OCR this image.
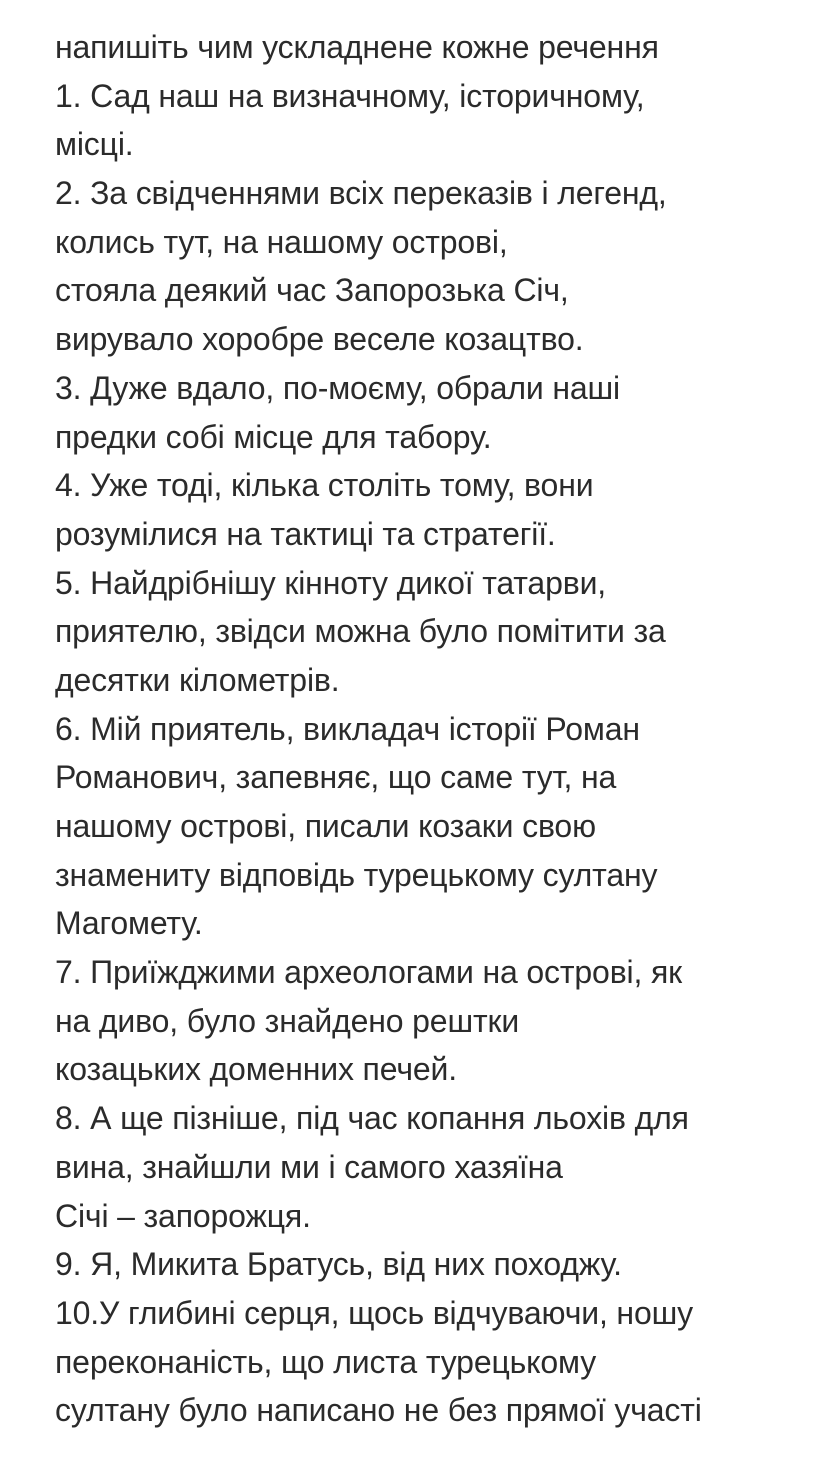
напишіть чим ускладнене кожне речення
1. Сад наш на визначному, історичному,
місці.
2. За свідченнями всіх переказів і легенд,
колись тут, на нашому острові,
стояла деякий час Запорозька Січ,
вирувало хоробре веселе козацтво.
3. Дуже вдало, по-моєму, обрали наші
предки собі місце для табору.
4. Уже тоді, кілька століть тому, вони
розумілися на тактиці та стратегії.
5. Найдрібнішу кінноту дикої татарви,
приятелю, звідси можна було помітити за
десятки кілометрів.
6. Мій приятель, викладач історії Роман
Романович, запевняє, що саме тут, на
нашому острові, писали козаки свою
знамениту відповідь турецькому султану
Магомету.
7. Приїжджими археологами на острові, як
на диво, було знайдено рештки
козацьких доменних печей.
8. А ще пізніше, під час копання льохів для
вина, знайшли ми і самого хазяїна
Січі – запорожця.
9. Я, Микита Братусь, від них походжу.
10.У глибині серця, щось відчуваючи, ношу
переконаність, що листа турецькому
султану було написано не без прямої участі
